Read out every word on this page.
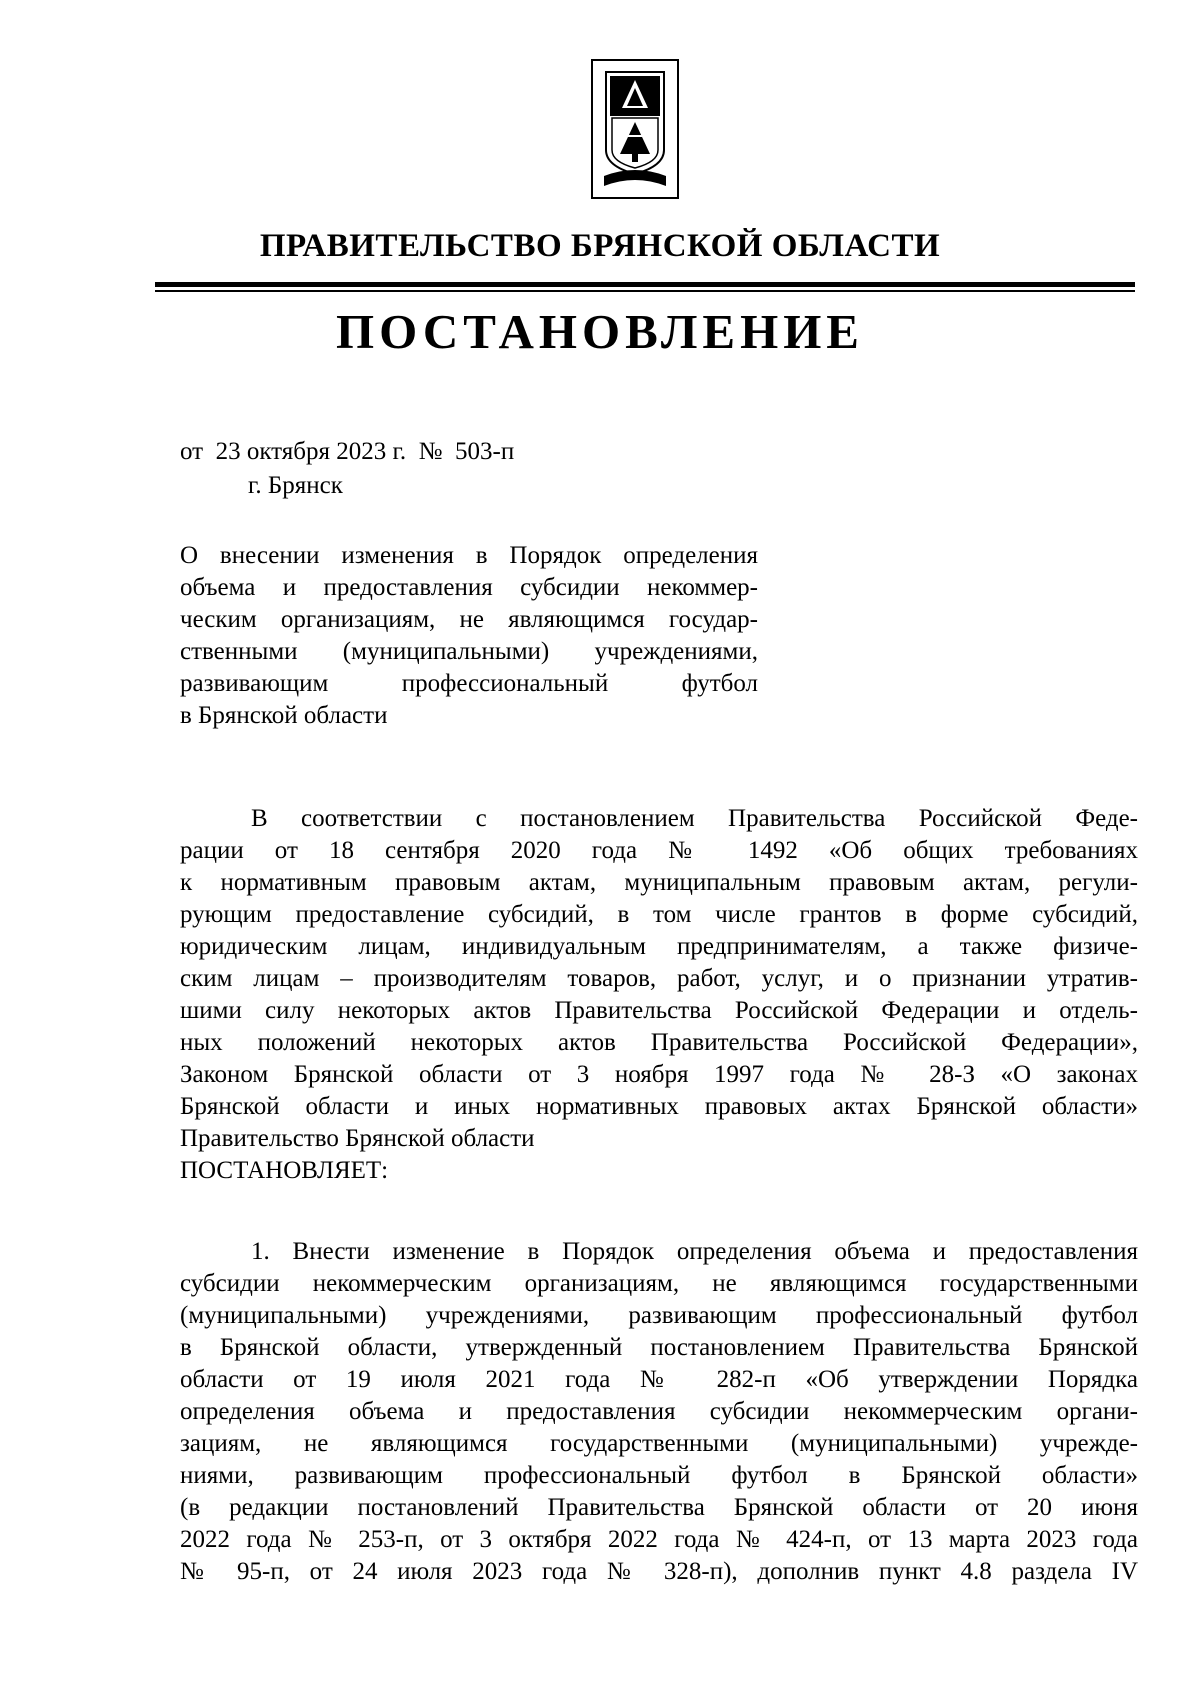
ПРАВИТЕЛЬСТВО БРЯНСКОЙ ОБЛАСТИ
ПОСТАНОВЛЕНИЕ
от  23 октября 2023 г.  №  503-п
г. Брянск
О внесении изменения в Порядок определения
объема и предоставления субсидии некоммер-
ческим организациям, не являющимся государ-
ственными (муниципальными) учреждениями,
развивающим профессиональный футбол
в Брянской области
В соответствии с постановлением Правительства Российской Феде-
рации от 18 сентября 2020 года № 1492 «Об общих требованиях
к нормативным правовым актам, муниципальным правовым актам, регули-
рующим предоставление субсидий, в том числе грантов в форме субсидий,
юридическим лицам, индивидуальным предпринимателям, а также физиче-
ским лицам – производителям товаров, работ, услуг, и о признании утратив-
шими силу некоторых актов Правительства Российской Федерации и отдель-
ных положений некоторых актов Правительства Российской Федерации»,
Законом Брянской области от 3 ноября 1997 года № 28-З «О законах
Брянской области и иных нормативных правовых актах Брянской области»
Правительство Брянской области
ПОСТАНОВЛЯЕТ:
1. Внести изменение в Порядок определения объема и предоставления
субсидии некоммерческим организациям, не являющимся государственными
(муниципальными) учреждениями, развивающим профессиональный футбол
в Брянской области, утвержденный постановлением Правительства Брянской
области от 19 июля 2021 года № 282-п «Об утверждении Порядка
определения объема и предоставления субсидии некоммерческим органи-
зациям, не являющимся государственными (муниципальными) учрежде-
ниями, развивающим профессиональный футбол в Брянской области»
(в редакции постановлений Правительства Брянской области от 20 июня
2022 года № 253-п, от 3 октября 2022 года № 424-п, от 13 марта 2023 года
№ 95-п, от 24 июля 2023 года № 328-п), дополнив пункт 4.8 раздела IV
